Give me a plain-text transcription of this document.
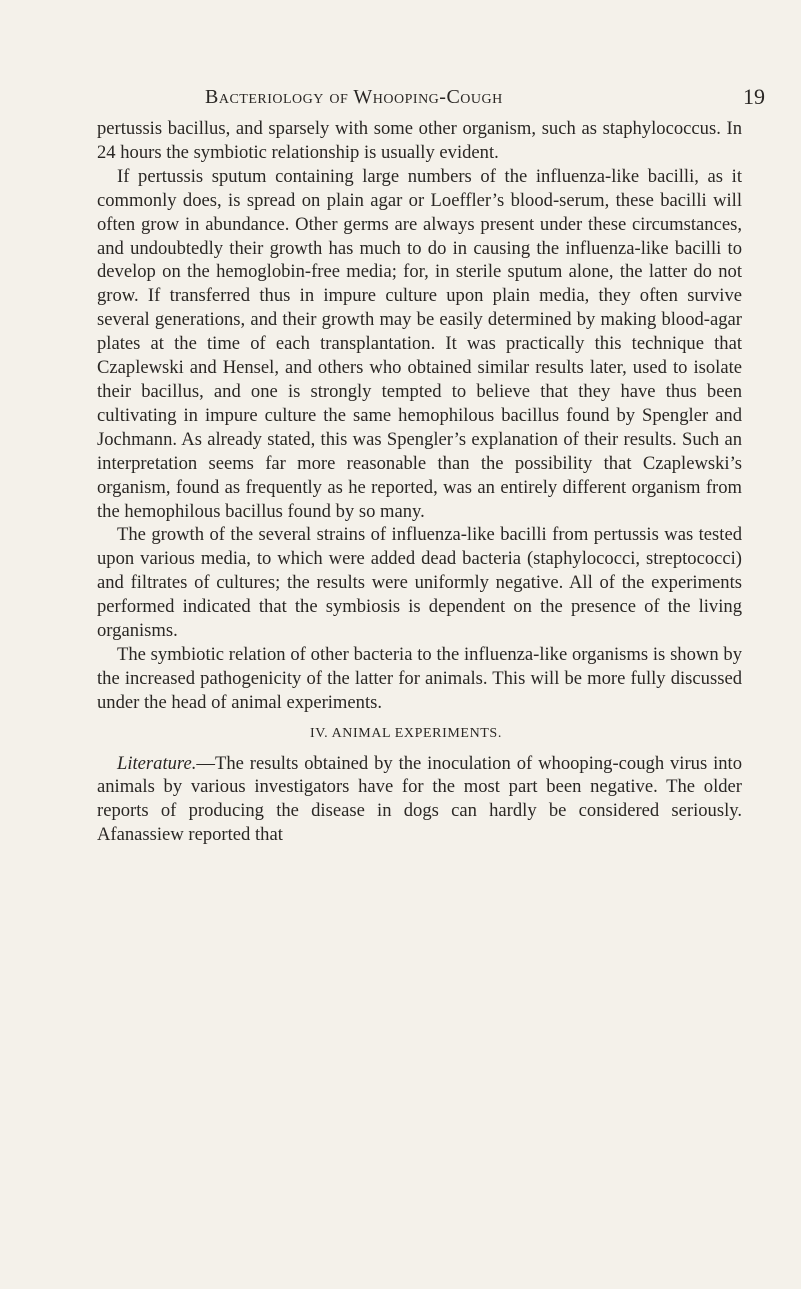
Bacteriology of Whooping-Cough	19

pertussis bacillus, and sparsely with some other organism, such as staphylococcus. In 24 hours the symbiotic relationship is usually evident.

If pertussis sputum containing large numbers of the influenza-like bacilli, as it commonly does, is spread on plain agar or Loeffler’s blood-serum, these bacilli will often grow in abundance. Other germs are always present under these circumstances, and undoubtedly their growth has much to do in causing the influenza-like bacilli to develop on the hemoglobin-free media; for, in sterile sputum alone, the latter do not grow. If transferred thus in impure culture upon plain media, they often survive several generations, and their growth may be easily determined by making blood-agar plates at the time of each transplantation. It was practically this technique that Czaplewski and Hensel, and others who obtained similar results later, used to isolate their bacillus, and one is strongly tempted to believe that they have thus been cultivating in impure culture the same hemophilous bacillus found by Spengler and Jochmann. As already stated, this was Spengler’s explanation of their results. Such an interpretation seems far more reasonable than the possibility that Czaplewski’s organism, found as frequently as he reported, was an entirely different organism from the hemophilous bacillus found by so many.

The growth of the several strains of influenza-like bacilli from pertussis was tested upon various media, to which were added dead bacteria (staphylococci, streptococci) and filtrates of cultures; the results were uniformly negative. All of the experiments performed indicated that the symbiosis is dependent on the presence of the living organisms.

The symbiotic relation of other bacteria to the influenza-like organisms is shown by the increased pathogenicity of the latter for animals. This will be more fully discussed under the head of animal experiments.

IV. ANIMAL EXPERIMENTS.

Literature.—The results obtained by the inoculation of whooping-cough virus into animals by various investigators have for the most part been negative. The older reports of producing the disease in dogs can hardly be considered seriously. Afanassiew reported that
